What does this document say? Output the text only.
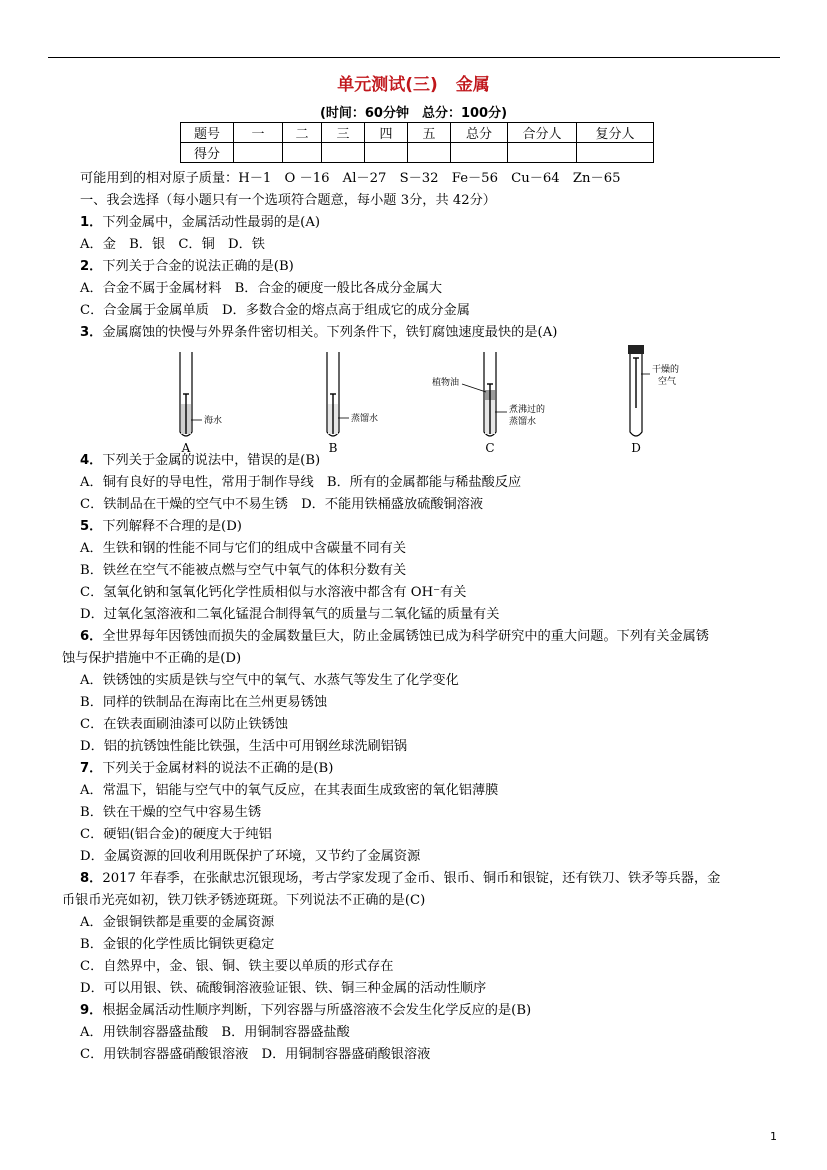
单元测试(三) 金属
(时间：60分钟　总分：100分)
题号	一	二	三	四	五	总分	合分人	复分人
得分								
可能用到的相对原子质量：H－1　O －16　Al－27　S－32　Fe－56　Cu－64　Zn－65
一、我会选择（每小题只有一个选项符合题意，每小题 3分，共 42分）
1．下列金属中，金属活动性最弱的是(A)
A．金　B．银　C．铜　D．铁
2．下列关于合金的说法正确的是(B)
A．合金不属于金属材料　B．合金的硬度一般比各成分金属大
C．合金属于金属单质　D．多数合金的熔点高于组成它的成分金属
3．金属腐蚀的快慢与外界条件密切相关。下列条件下，铁钉腐蚀速度最快的是(A)
海水	蒸馏水
植物油
煮沸过的
蒸馏水
干燥的
空气
A	B	C	D
4．下列关于金属的说法中，错误的是(B)
A．铜有良好的导电性，常用于制作导线　B．所有的金属都能与稀盐酸反应
C．铁制品在干燥的空气中不易生锈　D．不能用铁桶盛放硫酸铜溶液
5．下列解释不合理的是(D)
A．生铁和钢的性能不同与它们的组成中含碳量不同有关
B．铁丝在空气不能被点燃与空气中氧气的体积分数有关
C．氢氧化钠和氢氧化钙化学性质相似与水溶液中都含有 OH⁻有关
D．过氧化氢溶液和二氧化锰混合制得氧气的质量与二氧化锰的质量有关
6．全世界每年因锈蚀而损失的金属数量巨大，防止金属锈蚀已成为科学研究中的重大问题。下列有关金属锈
蚀与保护措施中不正确的是(D)
A．铁锈蚀的实质是铁与空气中的氧气、水蒸气等发生了化学变化
B．同样的铁制品在海南比在兰州更易锈蚀
C．在铁表面刷油漆可以防止铁锈蚀
D．铝的抗锈蚀性能比铁强，生活中可用钢丝球洗刷铝锅
7．下列关于金属材料的说法不正确的是(B)
A．常温下，铝能与空气中的氧气反应，在其表面生成致密的氧化铝薄膜
B．铁在干燥的空气中容易生锈
C．硬铝(铝合金)的硬度大于纯铝
D．金属资源的回收利用既保护了环境，又节约了金属资源
8．2017 年春季，在张献忠沉银现场，考古学家发现了金币、银币、铜币和银锭，还有铁刀、铁矛等兵器，金
币银币光亮如初，铁刀铁矛锈迹斑斑。下列说法不正确的是(C)
A．金银铜铁都是重要的金属资源
B．金银的化学性质比铜铁更稳定
C．自然界中，金、银、铜、铁主要以单质的形式存在
D．可以用银、铁、硫酸铜溶液验证银、铁、铜三种金属的活动性顺序
9．根据金属活动性顺序判断，下列容器与所盛溶液不会发生化学反应的是(B)
A．用铁制容器盛盐酸　B．用铜制容器盛盐酸
C．用铁制容器盛硝酸银溶液　D．用铜制容器盛硝酸银溶液
1
